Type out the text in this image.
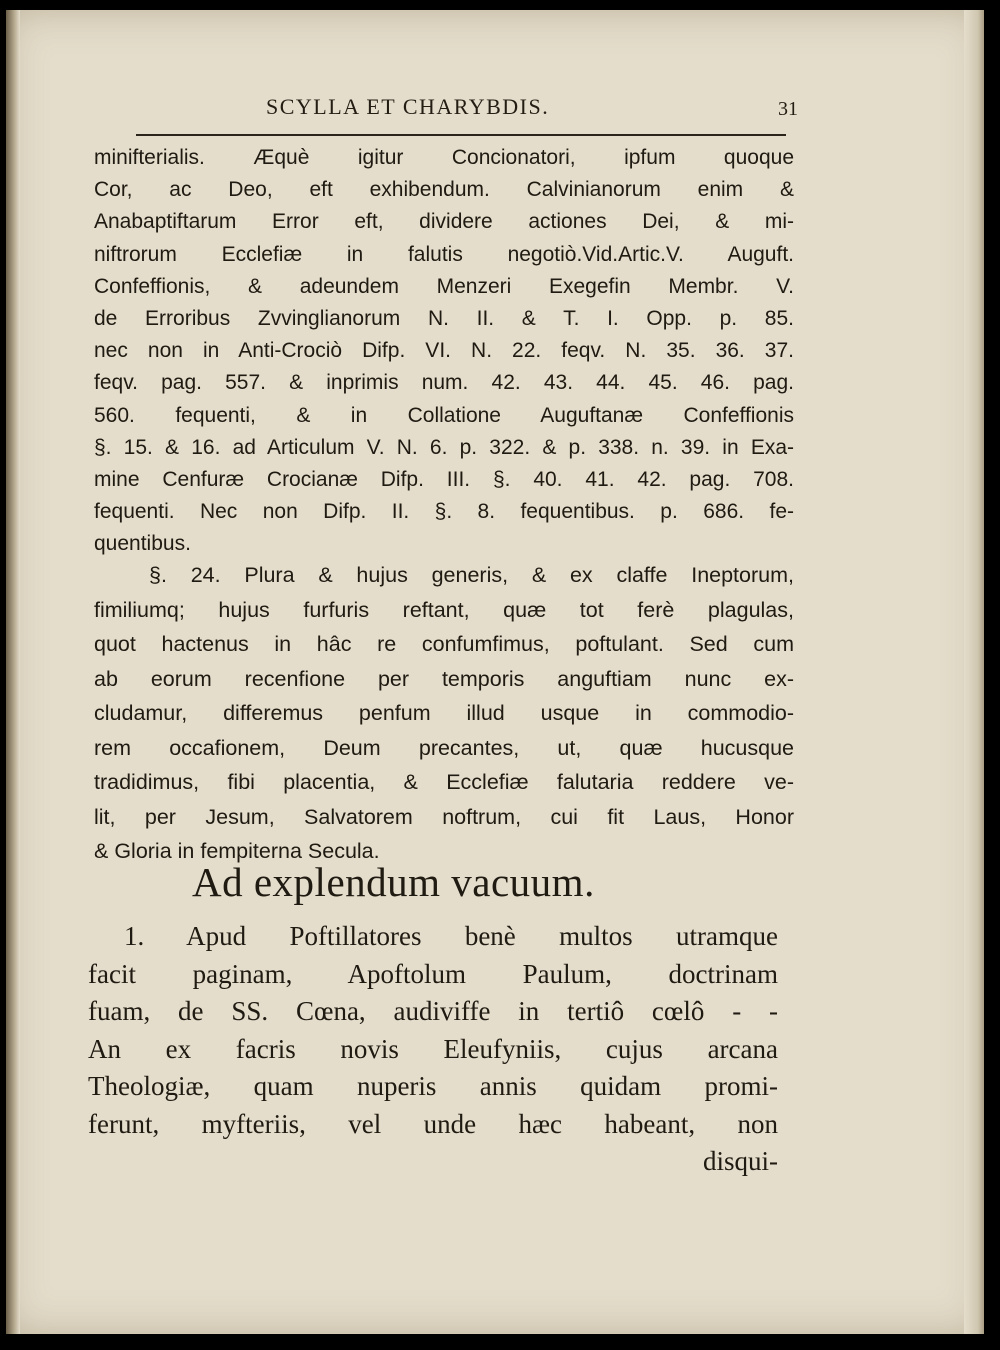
SCYLLA ET CHARYBDIS.	31
minifterialis. Æquè igitur Concionatori, ipfum quoque
Cor, ac Deo, eft exhibendum. Calvinianorum enim &
Anabaptiftarum Error eft, dividere actiones Dei, & mi-
niftrorum Ecclefiæ in falutis negotiò.Vid.Artic.V. Auguft.
Confeffionis, & adeundem Menzeri Exegefin Membr. V.
de Erroribus Zvvinglianorum N. II. & T. I. Opp. p. 85.
nec non in Anti-Crociò Difp. VI. N. 22. feqv. N. 35. 36. 37.
feqv. pag. 557. & inprimis num. 42. 43. 44. 45. 46. pag.
560. fequenti, & in Collatione Auguftanæ Confeffionis
§. 15. & 16. ad Articulum V. N. 6. p. 322. & p. 338. n. 39. in Exa-
mine Cenfuræ Crocianæ Difp. III. §. 40. 41. 42. pag. 708.
fequenti. Nec non Difp. II. §. 8. fequentibus. p. 686. fe-
quentibus.
§. 24. Plura & hujus generis, & ex claffe Ineptorum,
fimiliumq; hujus furfuris reftant, quæ tot ferè plagulas,
quot hactenus in hâc re confumfimus, poftulant. Sed cum
ab eorum recenfione per temporis anguftiam nunc ex-
cludamur, differemus penfum illud usque in commodio-
rem occafionem, Deum precantes, ut, quæ hucusque
tradidimus, fibi placentia, & Ecclefiæ falutaria reddere ve-
lit, per Jesum, Salvatorem noftrum, cui fit Laus, Honor
& Gloria in fempiterna Secula.
Ad explendum vacuum.
1. Apud Poftillatores benè multos utramque
facit paginam, Apoftolum Paulum, doctrinam
fuam, de SS. Cœna, audiviffe in tertiô cœlô - -
An ex facris novis Eleufyniis, cujus arcana
Theologiæ, quam nuperis annis quidam promi-
ferunt, myfteriis, vel unde hæc habeant, non
disqui-
